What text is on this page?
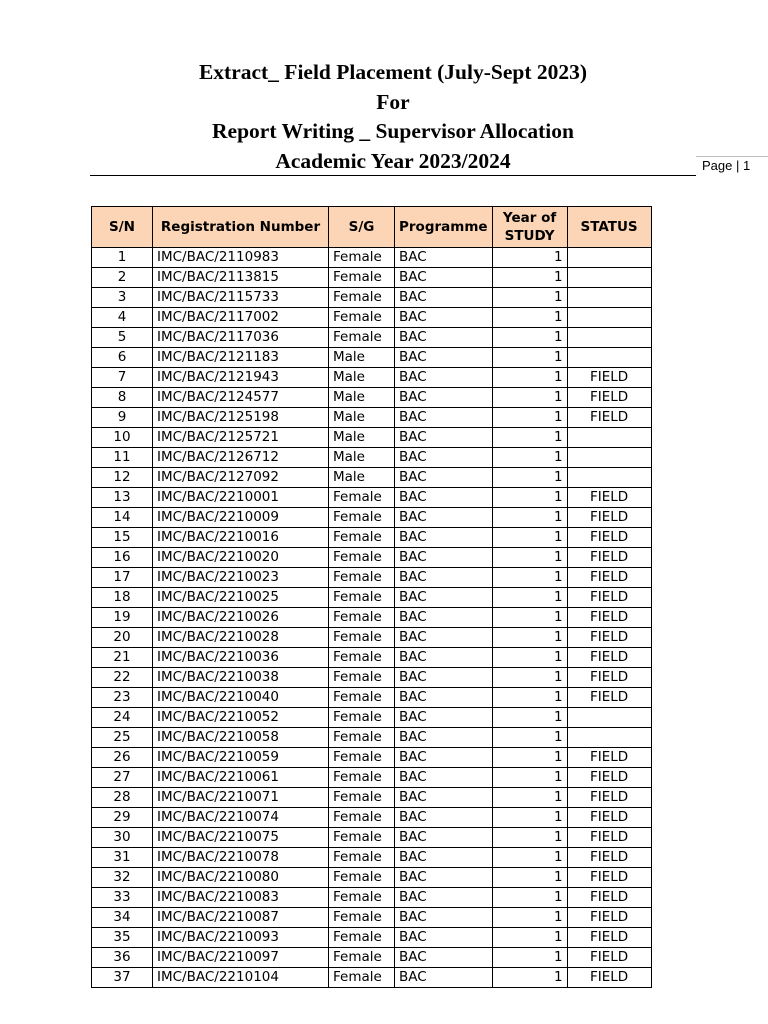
Extract_ Field Placement (July-Sept 2023)
For
Report Writing _ Supervisor Allocation
Academic Year 2023/2024	Page | 1
S/N	Registration Number	S/G	Programme	Year of STUDY	STATUS
1	IMC/BAC/2110983	Female	BAC	1	
2	IMC/BAC/2113815	Female	BAC	1	
3	IMC/BAC/2115733	Female	BAC	1	
4	IMC/BAC/2117002	Female	BAC	1	
5	IMC/BAC/2117036	Female	BAC	1	
6	IMC/BAC/2121183	Male	BAC	1	
7	IMC/BAC/2121943	Male	BAC	1	FIELD
8	IMC/BAC/2124577	Male	BAC	1	FIELD
9	IMC/BAC/2125198	Male	BAC	1	FIELD
10	IMC/BAC/2125721	Male	BAC	1	
11	IMC/BAC/2126712	Male	BAC	1	
12	IMC/BAC/2127092	Male	BAC	1	
13	IMC/BAC/2210001	Female	BAC	1	FIELD
14	IMC/BAC/2210009	Female	BAC	1	FIELD
15	IMC/BAC/2210016	Female	BAC	1	FIELD
16	IMC/BAC/2210020	Female	BAC	1	FIELD
17	IMC/BAC/2210023	Female	BAC	1	FIELD
18	IMC/BAC/2210025	Female	BAC	1	FIELD
19	IMC/BAC/2210026	Female	BAC	1	FIELD
20	IMC/BAC/2210028	Female	BAC	1	FIELD
21	IMC/BAC/2210036	Female	BAC	1	FIELD
22	IMC/BAC/2210038	Female	BAC	1	FIELD
23	IMC/BAC/2210040	Female	BAC	1	FIELD
24	IMC/BAC/2210052	Female	BAC	1	
25	IMC/BAC/2210058	Female	BAC	1	
26	IMC/BAC/2210059	Female	BAC	1	FIELD
27	IMC/BAC/2210061	Female	BAC	1	FIELD
28	IMC/BAC/2210071	Female	BAC	1	FIELD
29	IMC/BAC/2210074	Female	BAC	1	FIELD
30	IMC/BAC/2210075	Female	BAC	1	FIELD
31	IMC/BAC/2210078	Female	BAC	1	FIELD
32	IMC/BAC/2210080	Female	BAC	1	FIELD
33	IMC/BAC/2210083	Female	BAC	1	FIELD
34	IMC/BAC/2210087	Female	BAC	1	FIELD
35	IMC/BAC/2210093	Female	BAC	1	FIELD
36	IMC/BAC/2210097	Female	BAC	1	FIELD
37	IMC/BAC/2210104	Female	BAC	1	FIELD
